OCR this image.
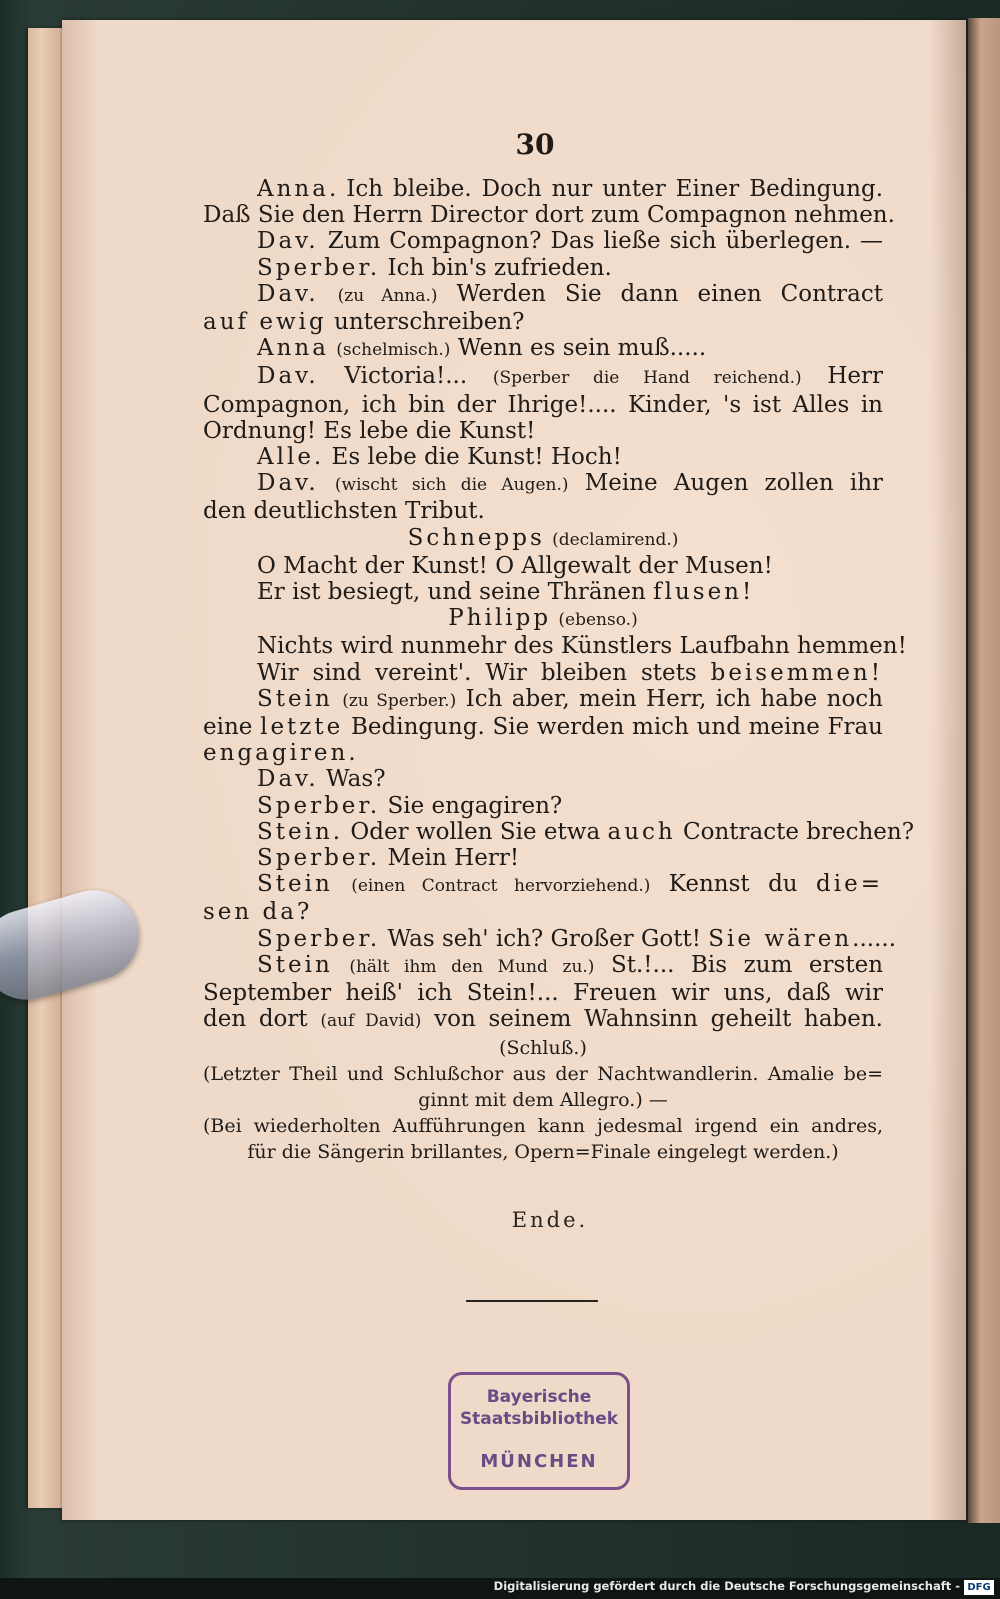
30
Anna. Ich bleibe. Doch nur unter Einer Bedingung.
Daß Sie den Herrn Director dort zum Compagnon nehmen.
Dav. Zum Compagnon? Das ließe sich überlegen. —
Sperber. Ich bin's zufrieden.
Dav. (zu Anna.) Werden Sie dann einen Contract
auf ewig unterschreiben?
Anna (schelmisch.) Wenn es sein muß.....
Dav. Victoria!... (Sperber die Hand reichend.) Herr
Compagnon, ich bin der Ihrige!.... Kinder, 's ist Alles in
Ordnung! Es lebe die Kunst!
Alle. Es lebe die Kunst! Hoch!
Dav. (wischt sich die Augen.) Meine Augen zollen ihr
den deutlichsten Tribut.
Schnepps (declamirend.)
O Macht der Kunst! O Allgewalt der Musen!
Er ist besiegt, und seine Thränen flusen!
Philipp (ebenso.)
Nichts wird nunmehr des Künstlers Laufbahn hemmen!
Wir sind vereint'. Wir bleiben stets beisemmen!
Stein (zu Sperber.) Ich aber, mein Herr, ich habe noch
eine letzte Bedingung. Sie werden mich und meine Frau
engagiren.
Dav. Was?
Sperber. Sie engagiren?
Stein. Oder wollen Sie etwa auch Contracte brechen?
Sperber. Mein Herr!
Stein (einen Contract hervorziehend.) Kennst du die=
sen da?
Sperber. Was seh' ich? Großer Gott! Sie wären......
Stein (hält ihm den Mund zu.) St.!... Bis zum ersten
September heiß' ich Stein!... Freuen wir uns, daß wir
den dort (auf David) von seinem Wahnsinn geheilt haben.
(Schluß.)
(Letzter Theil und Schlußchor aus der Nachtwandlerin. Amalie be=
ginnt mit dem Allegro.) —
(Bei wiederholten Aufführungen kann jedesmal irgend ein andres,
für die Sängerin brillantes, Opern=Finale eingelegt werden.)
Ende.
Bayerische
Staatsbibliothek
MÜNCHEN
Digitalisierung gefördert durch die Deutsche Forschungsgemeinschaft - DFG
